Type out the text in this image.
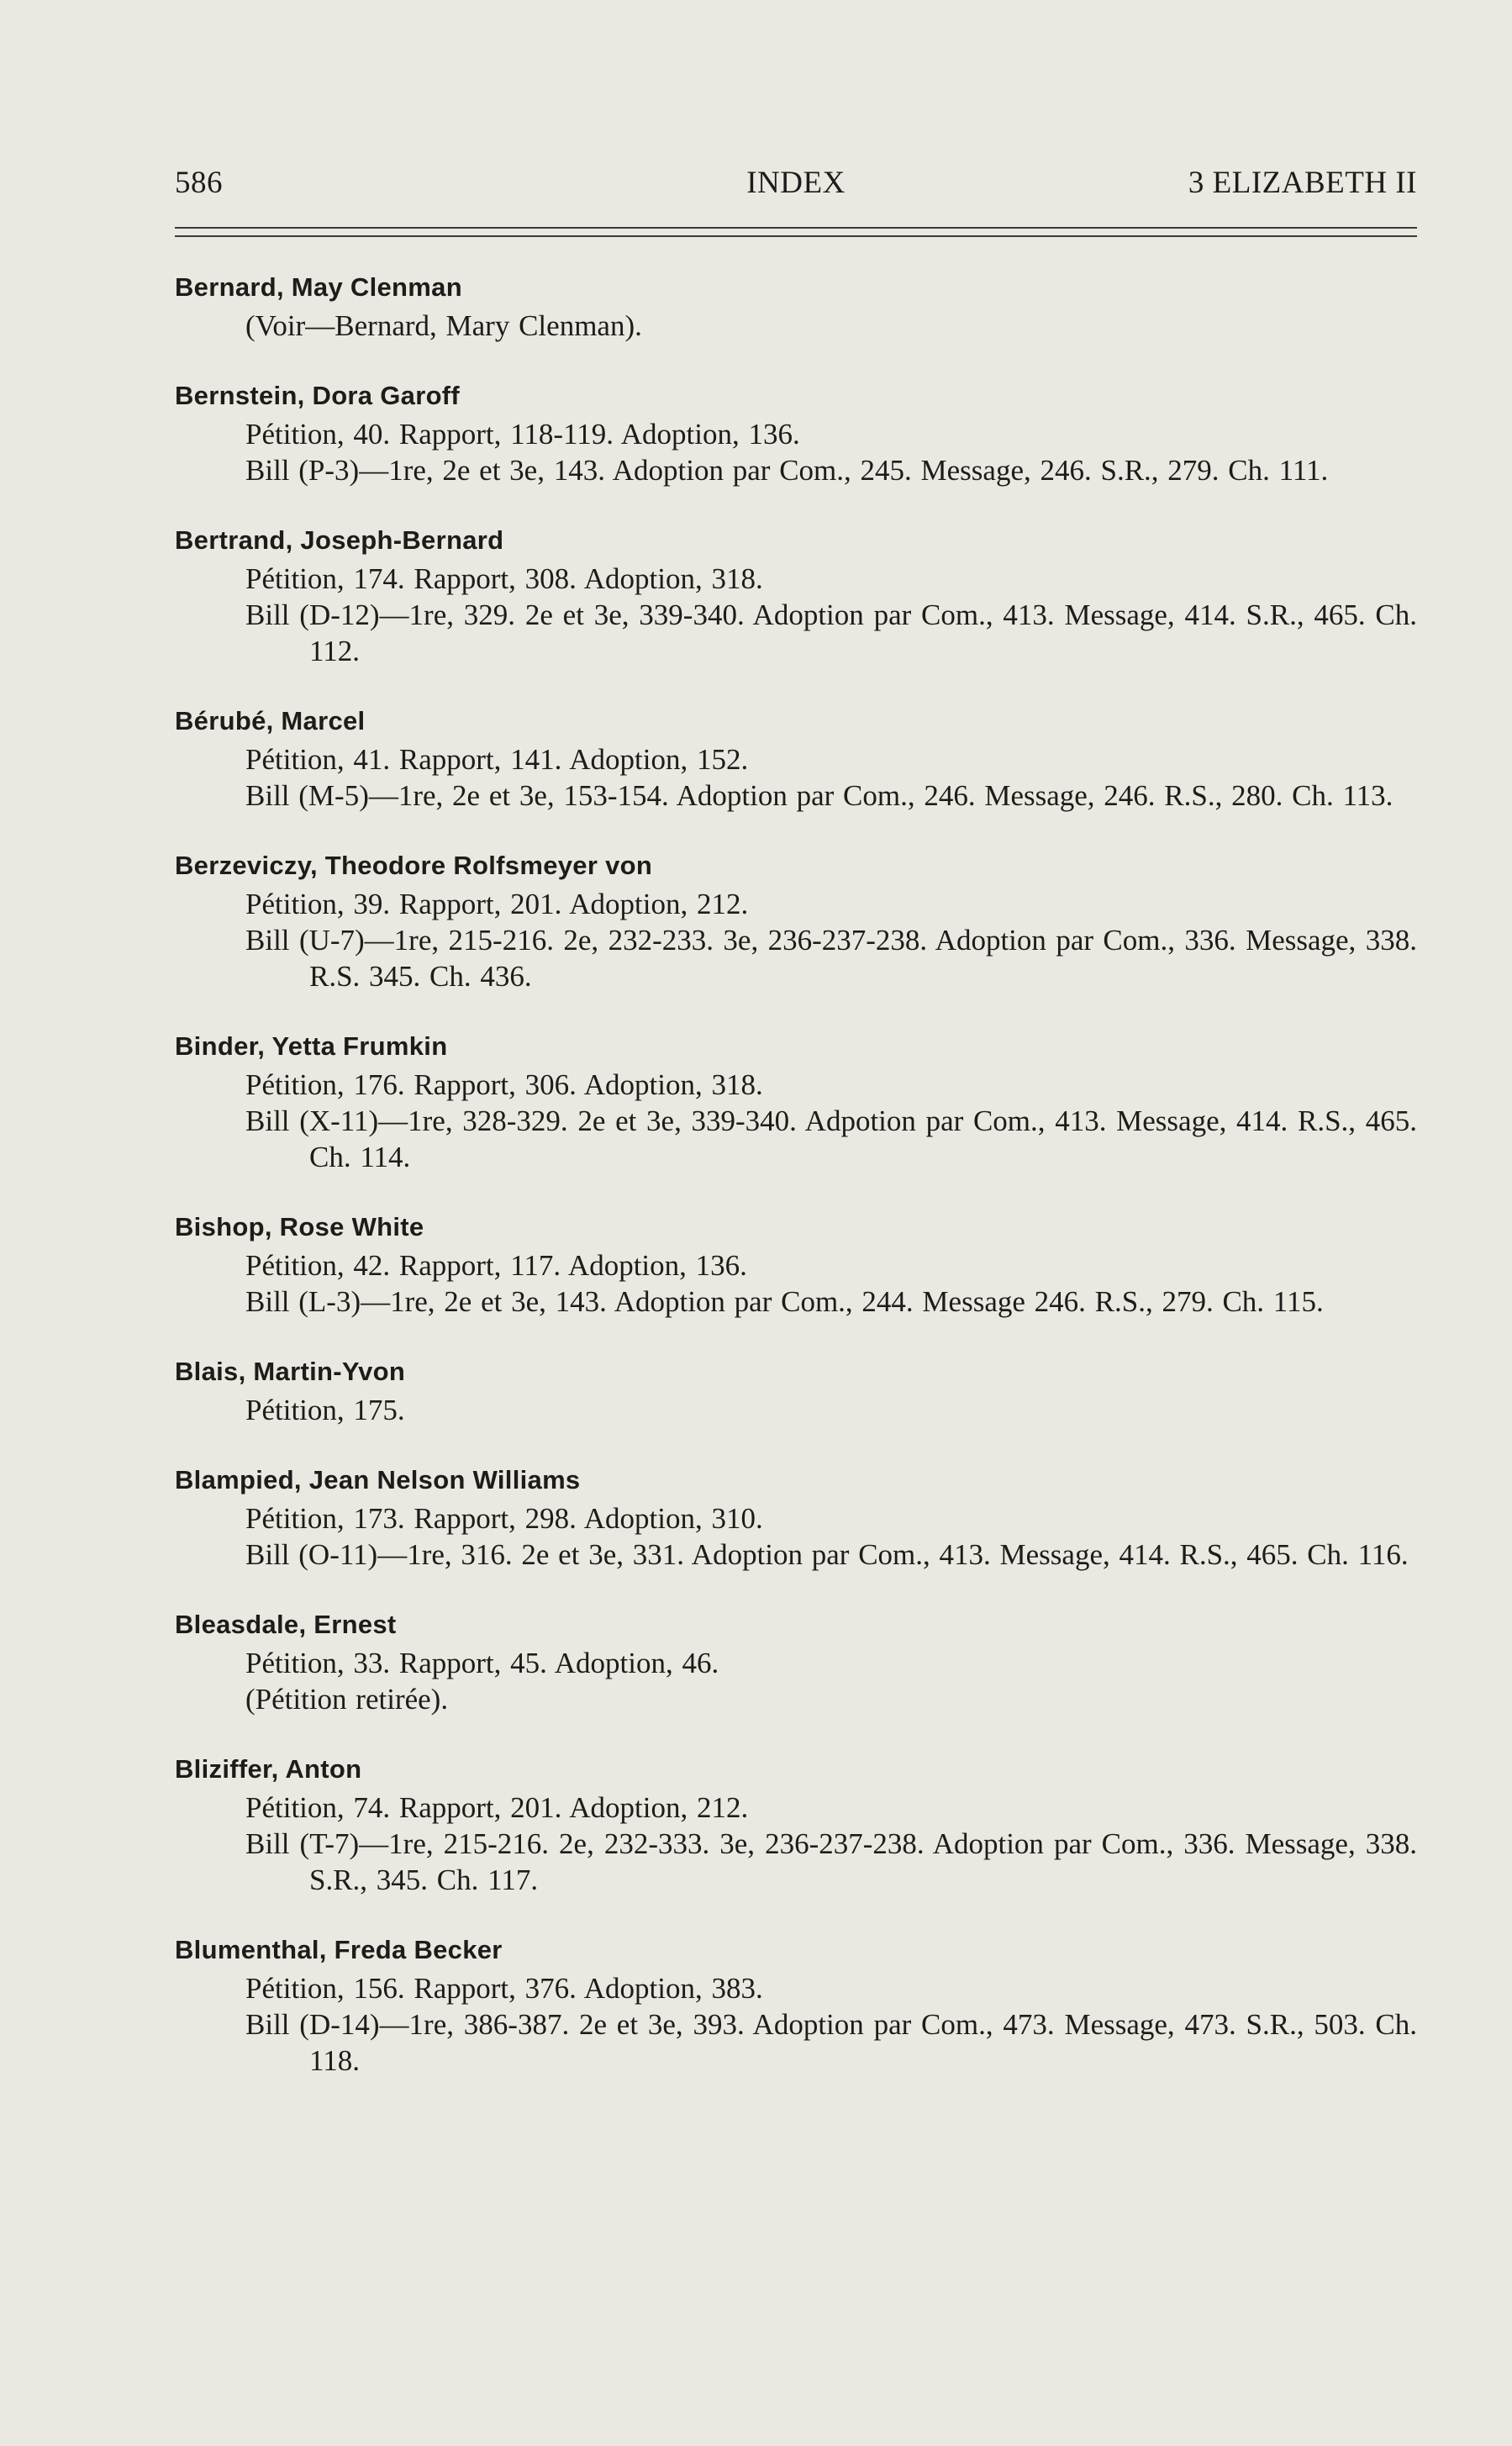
586	INDEX	3 ELIZABETH II
Bernard, May Clenman
(Voir—Bernard, Mary Clenman).
Bernstein, Dora Garoff
Pétition, 40. Rapport, 118-119. Adoption, 136.
Bill (P-3)—1re, 2e et 3e, 143. Adoption par Com., 245. Message, 246. S.R., 279. Ch. 111.
Bertrand, Joseph-Bernard
Pétition, 174. Rapport, 308. Adoption, 318.
Bill (D-12)—1re, 329. 2e et 3e, 339-340. Adoption par Com., 413. Message, 414. S.R., 465. Ch. 112.
Bérubé, Marcel
Pétition, 41. Rapport, 141. Adoption, 152.
Bill (M-5)—1re, 2e et 3e, 153-154. Adoption par Com., 246. Message, 246. R.S., 280. Ch. 113.
Berzeviczy, Theodore Rolfsmeyer von
Pétition, 39. Rapport, 201. Adoption, 212.
Bill (U-7)—1re, 215-216. 2e, 232-233. 3e, 236-237-238. Adoption par Com., 336. Message, 338. R.S. 345. Ch. 436.
Binder, Yetta Frumkin
Pétition, 176. Rapport, 306. Adoption, 318.
Bill (X-11)—1re, 328-329. 2e et 3e, 339-340. Adpotion par Com., 413. Message, 414. R.S., 465. Ch. 114.
Bishop, Rose White
Pétition, 42. Rapport, 117. Adoption, 136.
Bill (L-3)—1re, 2e et 3e, 143. Adoption par Com., 244. Message 246. R.S., 279. Ch. 115.
Blais, Martin-Yvon
Pétition, 175.
Blampied, Jean Nelson Williams
Pétition, 173. Rapport, 298. Adoption, 310.
Bill (O-11)—1re, 316. 2e et 3e, 331. Adoption par Com., 413. Message, 414. R.S., 465. Ch. 116.
Bleasdale, Ernest
Pétition, 33. Rapport, 45. Adoption, 46.
(Pétition retirée).
Bliziffer, Anton
Pétition, 74. Rapport, 201. Adoption, 212.
Bill (T-7)—1re, 215-216. 2e, 232-333. 3e, 236-237-238. Adoption par Com., 336. Message, 338. S.R., 345. Ch. 117.
Blumenthal, Freda Becker
Pétition, 156. Rapport, 376. Adoption, 383.
Bill (D-14)—1re, 386-387. 2e et 3e, 393. Adoption par Com., 473. Message, 473. S.R., 503. Ch. 118.
